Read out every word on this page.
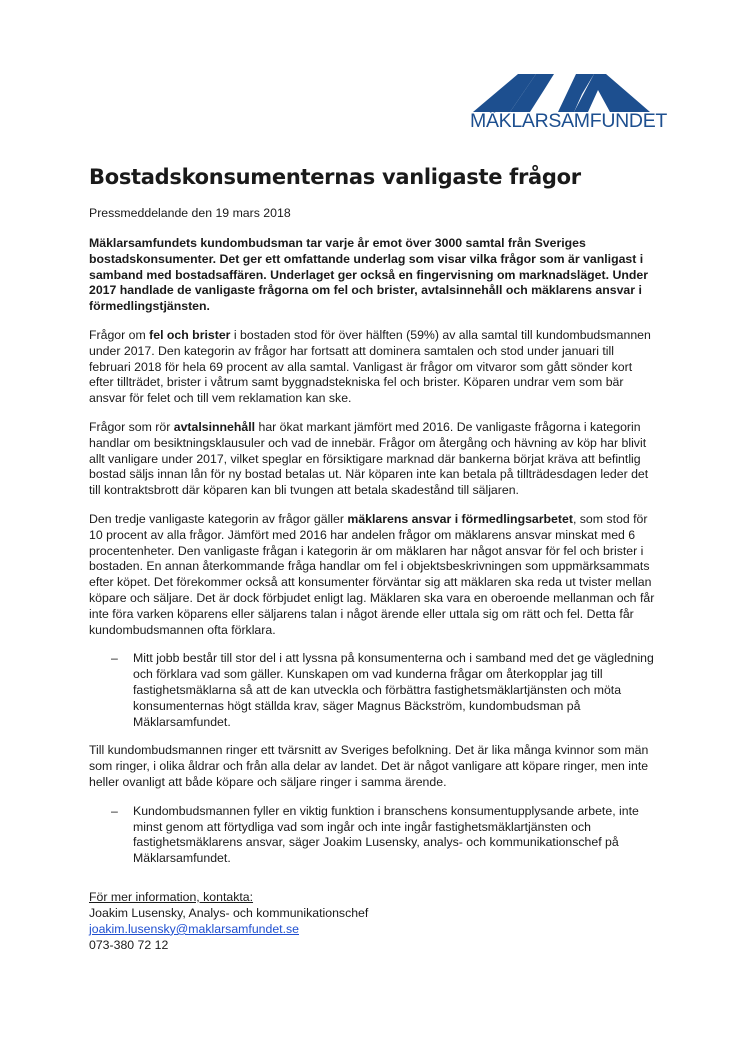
MÄKLARSAMFUNDET
Bostadskonsumenternas vanligaste frågor
Pressmeddelande den 19 mars 2018

Mäklarsamfundets kundombudsman tar varje år emot över 3000 samtal från Sveriges bostadskonsumenter. Det ger ett omfattande underlag som visar vilka frågor som är vanligast i samband med bostadsaffären. Underlaget ger också en fingervisning om marknadsläget. Under 2017 handlade de vanligaste frågorna om fel och brister, avtalsinnehåll och mäklarens ansvar i förmedlingstjänsten.

Frågor om fel och brister i bostaden stod för över hälften (59%) av alla samtal till kundombudsmannen under 2017. Den kategorin av frågor har fortsatt att dominera samtalen och stod under januari till februari 2018 för hela 69 procent av alla samtal. Vanligast är frågor om vitvaror som gått sönder kort efter tillträdet, brister i våtrum samt byggnadstekniska fel och brister. Köparen undrar vem som bär ansvar för felet och till vem reklamation kan ske.

Frågor som rör avtalsinnehåll har ökat markant jämfört med 2016. De vanligaste frågorna i kategorin handlar om besiktningsklausuler och vad de innebär. Frågor om återgång och hävning av köp har blivit allt vanligare under 2017, vilket speglar en försiktigare marknad där bankerna börjat kräva att befintlig bostad säljs innan lån för ny bostad betalas ut. När köparen inte kan betala på tillträdesdagen leder det till kontraktsbrott där köparen kan bli tvungen att betala skadestånd till säljaren.

Den tredje vanligaste kategorin av frågor gäller mäklarens ansvar i förmedlingsarbetet, som stod för 10 procent av alla frågor. Jämfört med 2016 har andelen frågor om mäklarens ansvar minskat med 6 procentenheter. Den vanligaste frågan i kategorin är om mäklaren har något ansvar för fel och brister i bostaden. En annan återkommande fråga handlar om fel i objektsbeskrivningen som uppmärksammats efter köpet. Det förekommer också att konsumenter förväntar sig att mäklaren ska reda ut tvister mellan köpare och säljare. Det är dock förbjudet enligt lag. Mäklaren ska vara en oberoende mellanman och får inte föra varken köparens eller säljarens talan i något ärende eller uttala sig om rätt och fel. Detta får kundombudsmannen ofta förklara.

– Mitt jobb består till stor del i att lyssna på konsumenterna och i samband med det ge vägledning och förklara vad som gäller. Kunskapen om vad kunderna frågar om återkopplar jag till fastighetsmäklarna så att de kan utveckla och förbättra fastighetsmäklartjänsten och möta konsumenternas högt ställda krav, säger Magnus Bäckström, kundombudsman på Mäklarsamfundet.

Till kundombudsmannen ringer ett tvärsnitt av Sveriges befolkning. Det är lika många kvinnor som män som ringer, i olika åldrar och från alla delar av landet. Det är något vanligare att köpare ringer, men inte heller ovanligt att både köpare och säljare ringer i samma ärende.

– Kundombudsmannen fyller en viktig funktion i branschens konsumentupplysande arbete, inte minst genom att förtydliga vad som ingår och inte ingår fastighetsmäklartjänsten och fastighetsmäklarens ansvar, säger Joakim Lusensky, analys- och kommunikationschef på Mäklarsamfundet.

För mer information, kontakta:
Joakim Lusensky, Analys- och kommunikationschef
joakim.lusensky@maklarsamfundet.se
073-380 72 12
